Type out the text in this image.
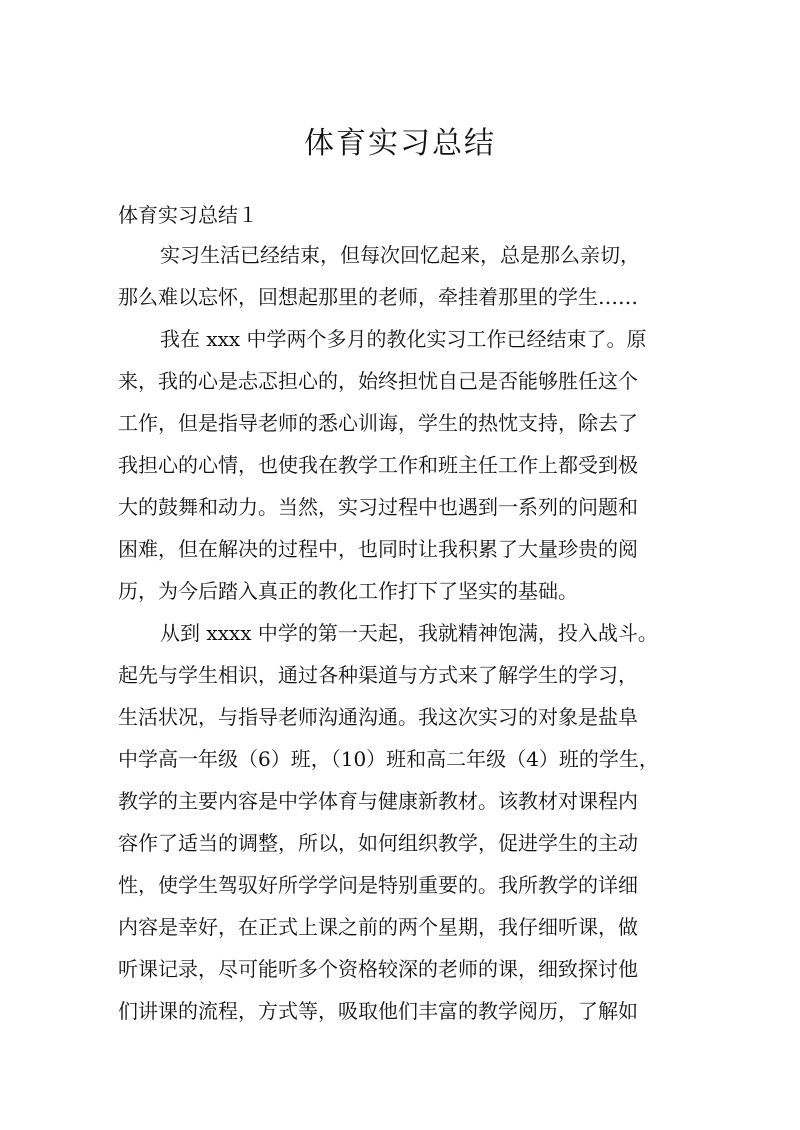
体育实习总结
体育实习总结１
实习生活已经结束，但每次回忆起来，总是那么亲切，
那么难以忘怀，回想起那里的老师，牵挂着那里的学生……
我在 xxx 中学两个多月的教化实习工作已经结束了。原
来，我的心是忐忑担心的，始终担忧自己是否能够胜任这个
工作，但是指导老师的悉心训诲，学生的热忱支持，除去了
我担心的心情，也使我在教学工作和班主任工作上都受到极
大的鼓舞和动力。当然，实习过程中也遇到一系列的问题和
困难，但在解决的过程中，也同时让我积累了大量珍贵的阅
历，为今后踏入真正的教化工作打下了坚实的基础。
从到 xxxx 中学的第一天起，我就精神饱满，投入战斗。
起先与学生相识，通过各种渠道与方式来了解学生的学习，
生活状况，与指导老师沟通沟通。我这次实习的对象是盐阜
中学高一年级（6）班，（10）班和高二年级（4）班的学生，
教学的主要内容是中学体育与健康新教材。该教材对课程内
容作了适当的调整，所以，如何组织教学，促进学生的主动
性，使学生驾驭好所学学问是特别重要的。我所教学的详细
内容是幸好，在正式上课之前的两个星期，我仔细听课，做
听课记录，尽可能听多个资格较深的老师的课，细致探讨他
们讲课的流程，方式等，吸取他们丰富的教学阅历，了解如
